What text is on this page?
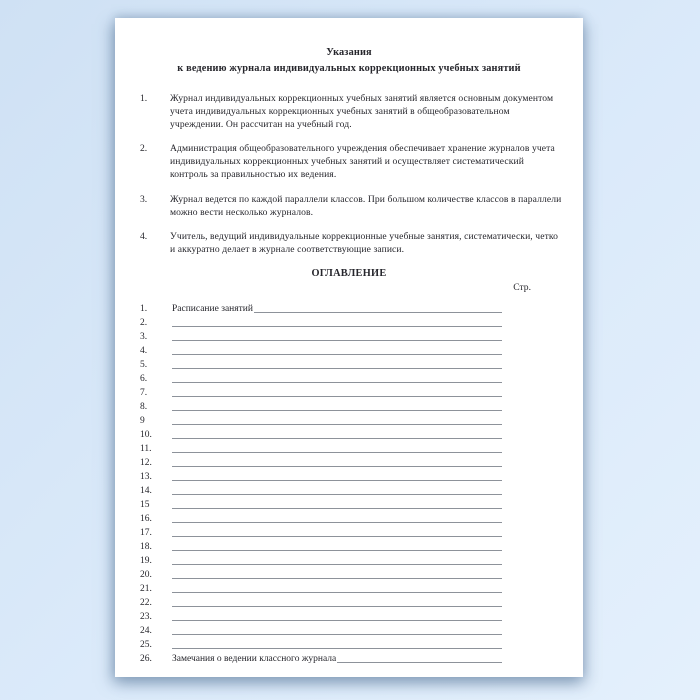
Указания
к ведению журнала индивидуальных коррекционных учебных занятий
1.	Журнал индивидуальных коррекционных учебных занятий является основным документом учета индивидуальных коррекционных учебных занятий в общеобразовательном учреждении. Он рассчитан на учебный год.
2.	Администрация общеобразовательного учреждения обеспечивает хранение журналов учета индивидуальных коррекционных учебных занятий и осуществляет систематический контроль за правильностью их ведения.
3.	Журнал ведется по каждой параллели классов. При большом количестве классов в параллели можно вести несколько журналов.
4.	Учитель, ведущий индивидуальные коррекционные учебные занятия, систематически, четко и аккуратно делает в журнале соответствующие записи.
ОГЛАВЛЕНИЕ
Стр.
1.	Расписание занятий
2.
3.
4.
5.
6.
7.
8.
9
10.
11.
12.
13.
14.
15
16.
17.
18.
19.
20.
21.
22.
23.
24.
25.
26.	Замечания о ведении классного журнала
